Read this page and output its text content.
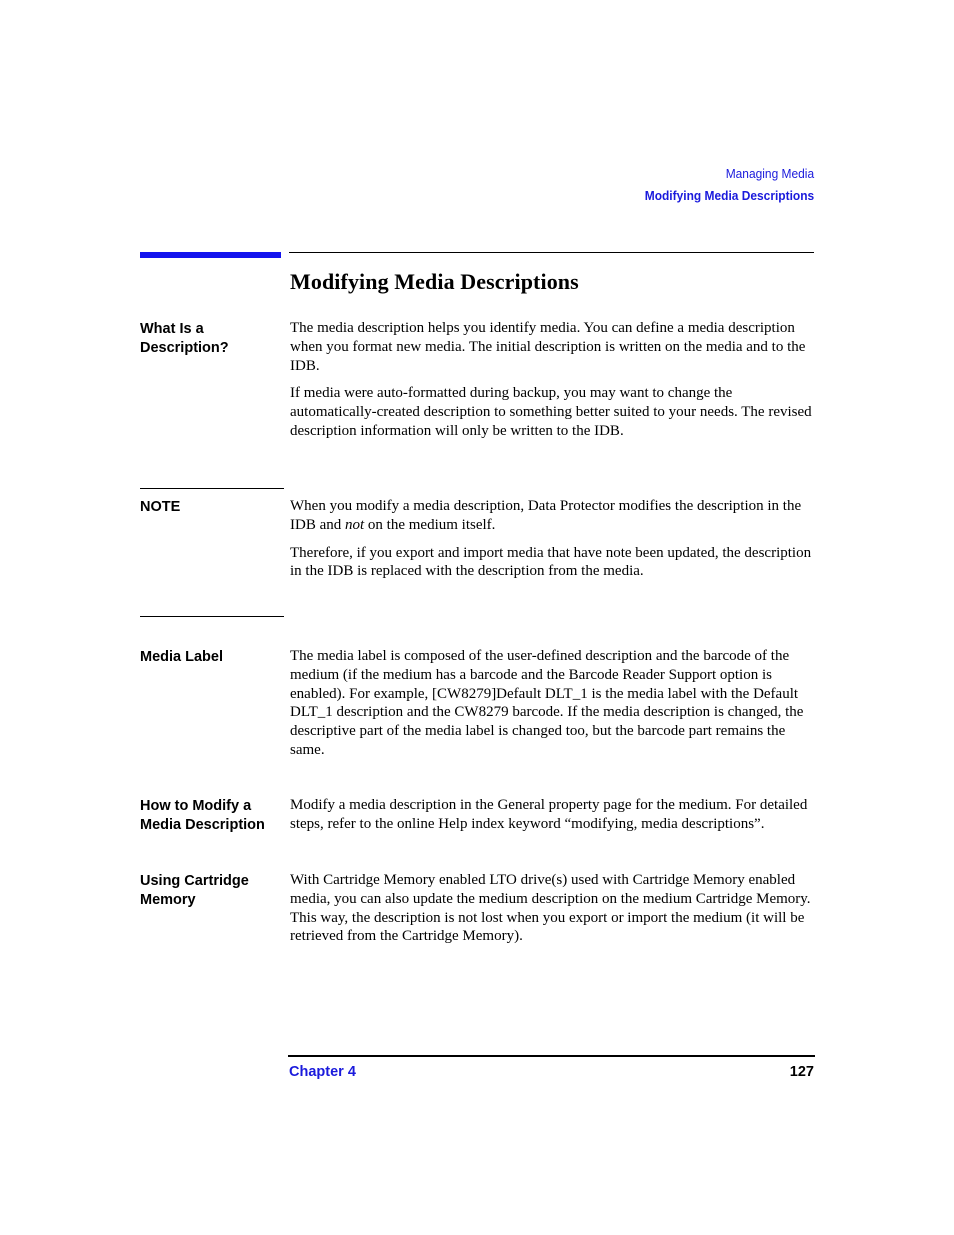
Managing Media
Modifying Media Descriptions
Modifying Media Descriptions
What Is a
Description?

The media description helps you identify media. You can define a media description when you format new media. The initial description is written on the media and to the IDB.

If media were auto-formatted during backup, you may want to change the automatically-created description to something better suited to your needs. The revised description information will only be written to the IDB.

NOTE	When you modify a media description, Data Protector modifies the description in the IDB and not on the medium itself.

Therefore, if you export and import media that have note been updated, the description in the IDB is replaced with the description from the media.

Media Label	The media label is composed of the user-defined description and the barcode of the medium (if the medium has a barcode and the Barcode Reader Support option is enabled). For example, [CW8279]Default DLT_1 is the media label with the Default DLT_1 description and the CW8279 barcode. If the media description is changed, the descriptive part of the media label is changed too, but the barcode part remains the same.

How to Modify a
Media Description

Modify a media description in the General property page for the medium. For detailed steps, refer to the online Help index keyword “modifying, media descriptions”.

Using Cartridge
Memory

With Cartridge Memory enabled LTO drive(s) used with Cartridge Memory enabled media, you can also update the medium description on the medium Cartridge Memory. This way, the description is not lost when you export or import the medium (it will be retrieved from the Cartridge Memory).

Chapter 4	127
